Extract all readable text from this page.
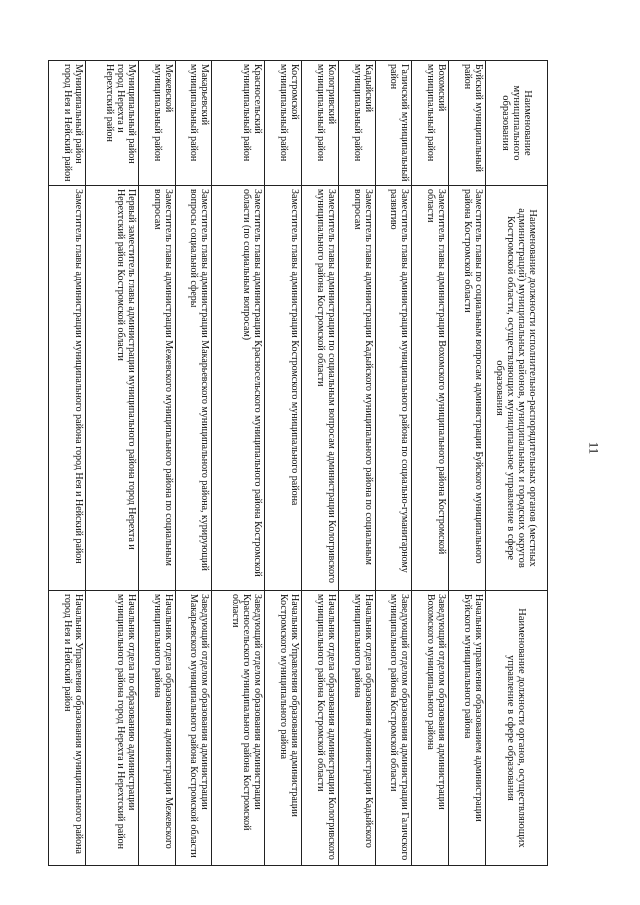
11
Наименование муниципального образования	Наименование должности исполнительно-распорядительных органов (местных администраций) муниципальных районов, муниципальных и городских округов Костромской области, осуществляющих муниципальное управление в сфере образования	Наименование должности органов, осуществляющих управление в сфере образования
Буйский муниципальный район	Заместитель главы по социальным вопросам администрации Буйского муниципального района Костромской области	Начальник управления образованием администрации Буйского муниципального района
Вохомский муниципальный район	Заместитель главы администрации Вохомского муниципального района Костромской области	Заведующий отделом образования администрации Вохомского муниципального района
Галичский муниципальный район	Заместитель главы администрации муниципального района по социально-гуманитарному развитию	Заведующий отделом образования администрации Галичского муниципального района Костромской области
Кадыйский муниципальный район	Заместитель главы администрации Кадыйского муниципального района по социальным вопросам	Начальник отдела образования администрации Кадыйского муниципального района
Кологривский муниципальный район	Заместитель главы администрации по социальным вопросам администрации Кологривского муниципального района Костромской области	Начальник отдела образования администрации Кологривского муниципального района Костромской области
Костромской муниципальный район	Заместитель главы администрации Костромского муниципального района	Начальник Управления образования администрации Костромского муниципального района
Красносельский муниципальный район	Заместитель главы администрации Красносельского муниципального района Костромской области (по социальным вопросам)	Заведующий отделом образования администрации Красносельского муниципального района Костромской области
Макарьевский муниципальный район	Заместитель главы администрации Макарьевского муниципального района, курирующий вопросы социальной сферы	Заведующий отделом образования администрации Макарьевского муниципального района Костромской области
Межевской муниципальный район	Заместитель главы администрации Межевского муниципального района по социальным вопросам	Начальник отдела образования администрации Межевского муниципального района
Муниципальный район город Нерехта и Нерехтский район	Первый заместитель главы администрации муниципального района город Нерехта и Нерехтский район Костромской области	Начальник отдела по образованию администрации муниципального района город Нерехта и Нерехтский район
Муниципальный район город Нея и Нейский район	Заместитель главы администрации муниципального района город Нея и Нейский район	Начальник Управления образования муниципального района город Нея и Нейский район
